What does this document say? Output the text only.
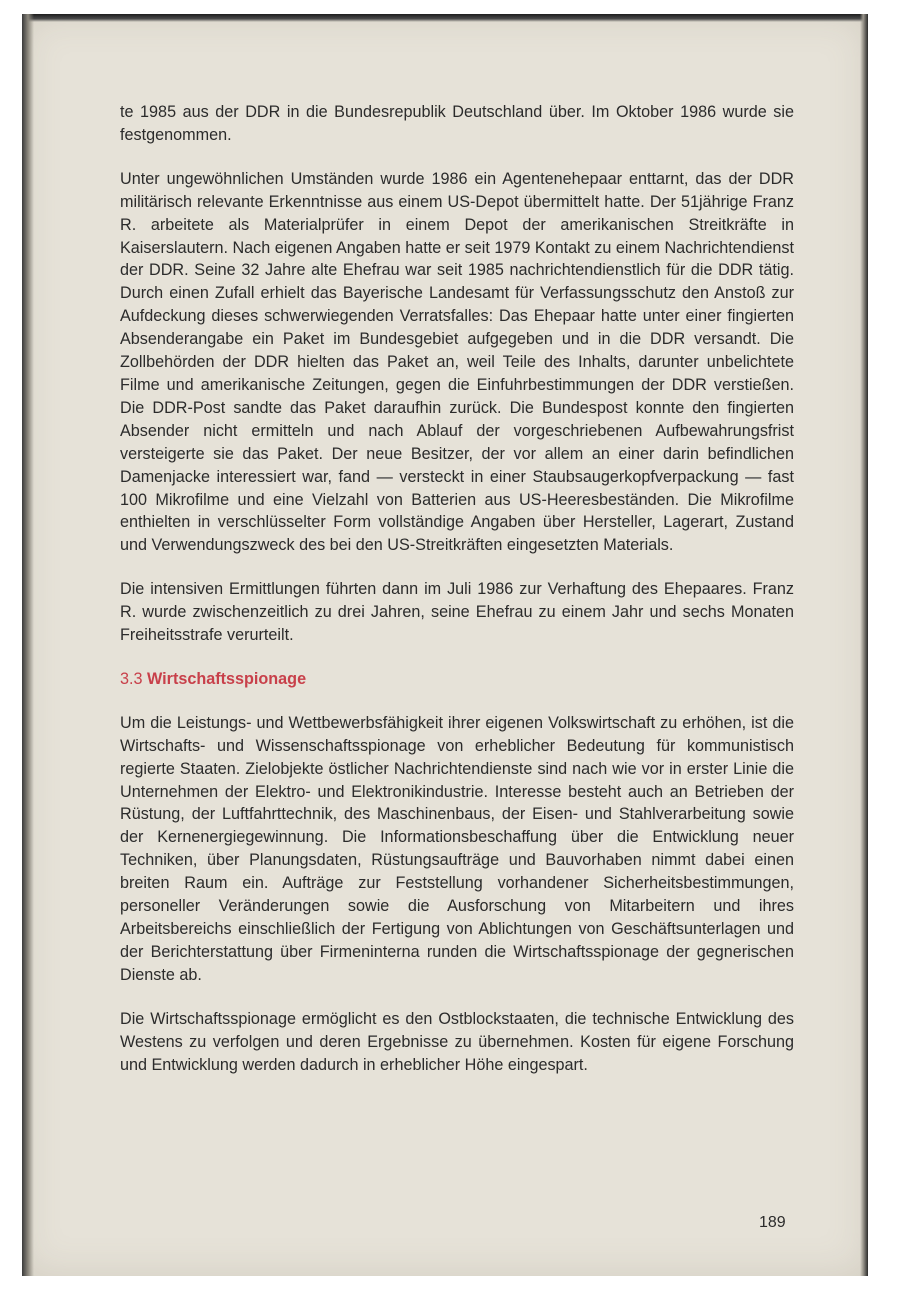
te 1985 aus der DDR in die Bundesrepublik Deutschland über. Im Oktober 1986 wurde sie festgenommen.

Unter ungewöhnlichen Umständen wurde 1986 ein Agentenehepaar enttarnt, das der DDR militärisch relevante Erkenntnisse aus einem US-Depot übermittelt hatte. Der 51jährige Franz R. arbeitete als Materialprüfer in einem Depot der amerikanischen Streitkräfte in Kaiserslautern. Nach eigenen Angaben hatte er seit 1979 Kontakt zu einem Nachrichtendienst der DDR. Seine 32 Jahre alte Ehefrau war seit 1985 nachrichtendienstlich für die DDR tätig. Durch einen Zufall erhielt das Bayerische Landesamt für Verfassungsschutz den Anstoß zur Aufdeckung dieses schwerwiegenden Verratsfalles: Das Ehepaar hatte unter einer fingierten Absenderangabe ein Paket im Bundesgebiet aufgegeben und in die DDR versandt. Die Zollbehörden der DDR hielten das Paket an, weil Teile des Inhalts, darunter unbelichtete Filme und amerikanische Zeitungen, gegen die Einfuhrbestimmungen der DDR verstießen. Die DDR-Post sandte das Paket daraufhin zurück. Die Bundespost konnte den fingierten Absender nicht ermitteln und nach Ablauf der vorgeschriebenen Aufbewahrungsfrist versteigerte sie das Paket. Der neue Besitzer, der vor allem an einer darin befindlichen Damenjacke interessiert war, fand — versteckt in einer Staubsaugerkopfverpackung — fast 100 Mikrofilme und eine Vielzahl von Batterien aus US-Heeresbeständen. Die Mikrofilme enthielten in verschlüsselter Form vollständige Angaben über Hersteller, Lagerart, Zustand und Verwendungszweck des bei den US-Streitkräften eingesetzten Materials.

Die intensiven Ermittlungen führten dann im Juli 1986 zur Verhaftung des Ehepaares. Franz R. wurde zwischenzeitlich zu drei Jahren, seine Ehefrau zu einem Jahr und sechs Monaten Freiheitsstrafe verurteilt.

3.3 Wirtschaftsspionage

Um die Leistungs- und Wettbewerbsfähigkeit ihrer eigenen Volkswirtschaft zu erhöhen, ist die Wirtschafts- und Wissenschaftsspionage von erheblicher Bedeutung für kommunistisch regierte Staaten. Zielobjekte östlicher Nachrichtendienste sind nach wie vor in erster Linie die Unternehmen der Elektro- und Elektronikindustrie. Interesse besteht auch an Betrieben der Rüstung, der Luftfahrttechnik, des Maschinenbaus, der Eisen- und Stahlverarbeitung sowie der Kernenergiegewinnung. Die Informationsbeschaffung über die Entwicklung neuer Techniken, über Planungsdaten, Rüstungsaufträge und Bauvorhaben nimmt dabei einen breiten Raum ein. Aufträge zur Feststellung vorhandener Sicherheitsbestimmungen, personeller Veränderungen sowie die Ausforschung von Mitarbeitern und ihres Arbeitsbereichs einschließlich der Fertigung von Ablichtungen von Geschäftsunterlagen und der Berichterstattung über Firmeninterna runden die Wirtschaftsspionage der gegnerischen Dienste ab.

Die Wirtschaftsspionage ermöglicht es den Ostblockstaaten, die technische Entwicklung des Westens zu verfolgen und deren Ergebnisse zu übernehmen. Kosten für eigene Forschung und Entwicklung werden dadurch in erheblicher Höhe eingespart.

189
